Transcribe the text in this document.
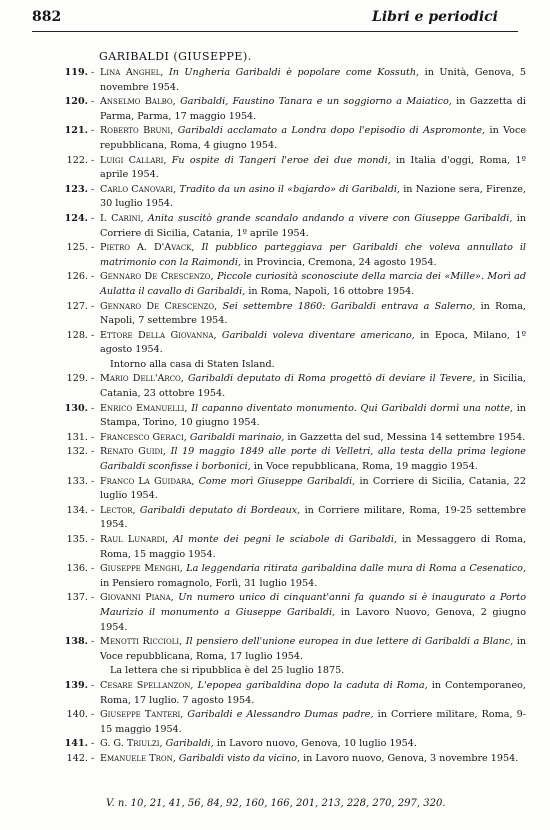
882	Libri e periodici
GARIBALDI (GIUSEPPE).
119. - Lina Anghel, In Ungheria Garibaldi è popolare come Kossuth, in Unità, Genova, 5 novembre 1954.
120. - Anselmo Balbo, Garibaldi, Faustino Tanara e un soggiorno a Maiatico, in Gazzetta di Parma, Parma, 17 maggio 1954.
121. - Roberto Bruni, Garibaldi acclamato a Londra dopo l'episodio di Aspromonte, in Voce repubblicana, Roma, 4 giugno 1954.
122. - Luigi Callari, Fu ospite di Tangeri l'eroe dei due mondi, in Italia d'oggi, Roma, 1º aprile 1954.
123. - Carlo Canovari, Tradito da un asino il «bajardo» di Garibaldi, in Nazione sera, Firenze, 30 luglio 1954.
124. - I. Carini, Anita suscitò grande scandalo andando a vivere con Giuseppe Garibaldi, in Corriere di Sicilia, Catania, 1º aprile 1954.
125. - Pietro A. D'Avack, Il pubblico parteggiava per Garibaldi che voleva annullato il matrimonio con la Raimondi, in Provincia, Cremona, 24 agosto 1954.
126. - Gennaro De Crescenzo, Piccole curiosità sconosciute della marcia dei «Mille». Morì ad Aulatta il cavallo di Garibaldi, in Roma, Napoli, 16 ottobre 1954.
127. - Gennaro De Crescenzo, Sei settembre 1860: Garibaldi entrava a Salerno, in Roma, Napoli, 7 settembre 1954.
128. - Ettore Della Giovanna, Garibaldi voleva diventare americano, in Epoca, Milano, 1º agosto 1954.
Intorno alla casa di Staten Island.
129. - Mario Dell'Arco, Garibaldi deputato di Roma progettò di deviare il Tevere, in Sicilia, Catania, 23 ottobre 1954.
130. - Enrico Emanuelli, Il capanno diventato monumento. Qui Garibaldi dormì una notte, in Stampa, Torino, 10 giugno 1954.
131. - Francesco Geraci, Garibaldi marinaio, in Gazzetta del sud, Messina 14 settembre 1954.
132. - Renato Guidi, Il 19 maggio 1849 alle porte di Velletri, alla testa della prima legione Garibaldi sconfisse i borbonici, in Voce repubblicana, Roma, 19 maggio 1954.
133. - Franco La Guidara, Come morì Giuseppe Garibaldi, in Corriere di Sicilia, Catania, 22 luglio 1954.
134. - Lector, Garibaldi deputato di Bordeaux, in Corriere militare, Roma, 19-25 settembre 1954.
135. - Raul Lunardi, Al monte dei pegni le sciabole di Garibaldi, in Messaggero di Roma, Roma, 15 maggio 1954.
136. - Giuseppe Menghi, La leggendaria ritirata garibaldina dalle mura di Roma a Cesenatico, in Pensiero romagnolo, Forlì, 31 luglio 1954.
137. - Giovanni Piana, Un numero unico di cinquant'anni fa quando si è inaugurato a Porto Maurizio il monumento a Giuseppe Garibaldi, in Lavoro Nuovo, Genova, 2 giugno 1954.
138. - Menotti Riccioli, Il pensiero dell'unione europea in due lettere di Garibaldi a Blanc, in Voce repubblicana, Roma, 17 luglio 1954.
La lettera che si ripubblica è del 25 luglio 1875.
139. - Cesare Spellanzon, L'epopea garibaldina dopo la caduta di Roma, in Contemporaneo, Roma, 17 luglio. 7 agosto 1954.
140. - Giuseppe Tanteri, Garibaldi e Alessandro Dumas padre, in Corriere militare, Roma, 9-15 maggio 1954.
141. - G. G. Triulzi, Garibaldi, in Lavoro nuovo, Genova, 10 luglio 1954.
142. - Emanuele Tron, Garibaldi visto da vicino, in Lavoro nuovo, Genova, 3 novembre 1954.
V. n. 10, 21, 41, 56, 84, 92, 160, 166, 201, 213, 228, 270, 297, 320.
